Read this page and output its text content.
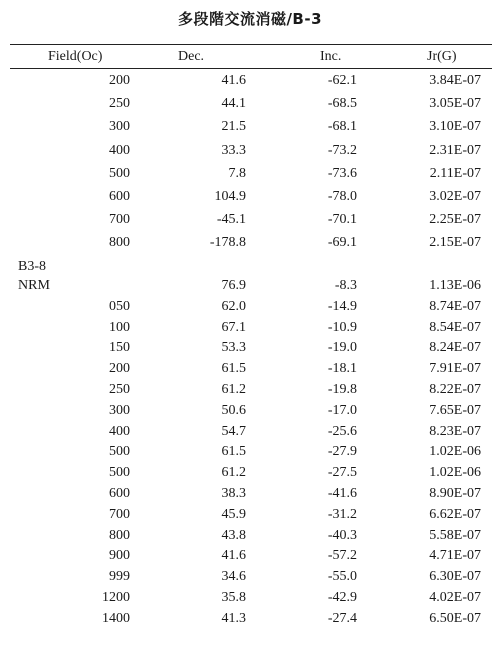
多段階交流消磁/B-3
Field(Oc)	Dec.	Inc.	Jr(G)
200	41.6	-62.1	3.84E-07
250	44.1	-68.5	3.05E-07
300	21.5	-68.1	3.10E-07
400	33.3	-73.2	2.31E-07
500	7.8	-73.6	2.11E-07
600	104.9	-78.0	3.02E-07
700	-45.1	-70.1	2.25E-07
800	-178.8	-69.1	2.15E-07
B3-8
NRM	76.9	-8.3	1.13E-06
050	62.0	-14.9	8.74E-07
100	67.1	-10.9	8.54E-07
150	53.3	-19.0	8.24E-07
200	61.5	-18.1	7.91E-07
250	61.2	-19.8	8.22E-07
300	50.6	-17.0	7.65E-07
400	54.7	-25.6	8.23E-07
500	61.5	-27.9	1.02E-06
500	61.2	-27.5	1.02E-06
600	38.3	-41.6	8.90E-07
700	45.9	-31.2	6.62E-07
800	43.8	-40.3	5.58E-07
900	41.6	-57.2	4.71E-07
999	34.6	-55.0	6.30E-07
1200	35.8	-42.9	4.02E-07
1400	41.3	-27.4	6.50E-07
